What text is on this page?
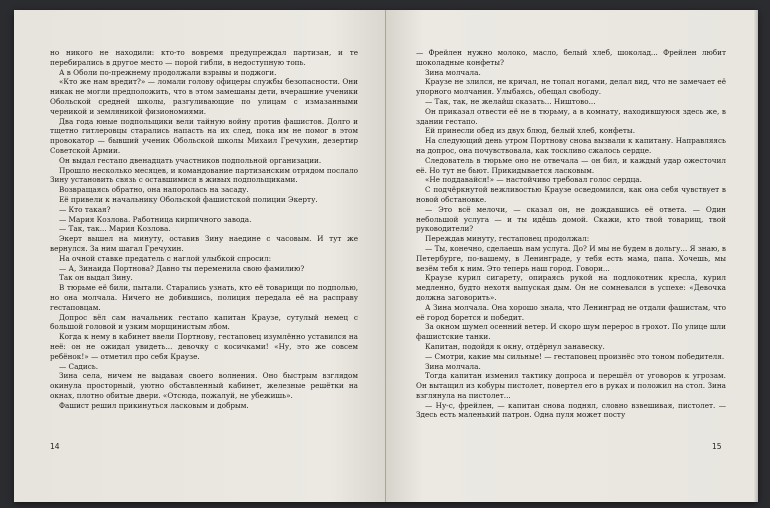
но никого не находили: кто-то вовремя предупреждал партизан, и те перебирались в другое место — порой гибли, в недоступную топь.

А в Оболи по-прежнему продолжали взрывы и поджоги.

«Кто же нам вредит?» — ломали голову офицеры службы безопасности. Они никак не могли предположить, что в этом замешаны дети, вчерашние ученики Обольской средней школы, разгуливающие по улицам с измазанными черникой и земляникой физиономиями.

Два года юные подпольщики вели тайную войну против фашистов. Долго и тщетно гитлеровцы старались напасть на их след, пока им не помог в этом провокатор — бывший ученик Обольской школы Михаил Гречухин, дезертир Советской Армии.

Он выдал гестапо двенадцать участников подпольной организации.

Прошло несколько месяцев, и командование партизанским отрядом послало Зину установить связь с оставшимися в живых подпольщиками.

Возвращаясь обратно, она напоролась на засаду.

Её привели к начальнику Обольской фашистской полиции Экерту.

— Кто такая?

— Мария Козлова. Работница кирпичного завода.

— Так, так... Мария Козлова.

Экерт вышел на минуту, оставив Зину наедине с часовым. И тут же вернулся. За ним шагал Гречухин.

На очной ставке предатель с наглой улыбкой спросил:

— А, Зинаида Портнова? Давно ты переменила свою фамилию?

Так он выдал Зину.

В тюрьме её били, пытали. Старались узнать, кто её товарищи по подполью, но она молчала. Ничего не добившись, полиция передала её на расправу гестаповцам.

Допрос вёл сам начальник гестапо капитан Краузе, сутулый немец с большой головой и узким морщинистым лбом.

Когда к нему в кабинет ввели Портнову, гестаповец изумлённо уставился на неё: он не ожидал увидеть... девочку с косичками! «Ну, это же совсем ребёнок!» — отметил про себя Краузе.

— Садись.

Зина села, ничем не выдавая своего волнения. Оно быстрым взглядом окинула просторный, уютно обставленный кабинет, железные решётки на окнах, плотно обитые двери. «Отсюда, пожалуй, не убежишь».

Фашист решил прикинуться ласковым и добрым.

14

— Фрейлен нужно молоко, масло, белый хлеб, шоколад... Фрейлен любит шоколадные конфеты?

Зина молчала.

Краузе не злился, не кричал, не топал ногами, делал вид, что не замечает её упорного молчания. Улыбаясь, обещал свободу.

— Так, так, не желайш сказать... Ништово...

Он приказал отвести её не в тюрьму, а в комнату, находившуюся здесь же, в здании гестапо.

Ей принесли обед из двух блюд, белый хлеб, конфеты.

На следующий день утром Портнову снова вызвали к капитану. Направляясь на допрос, она почувствовала, как тоскливо сжалось сердце.

Следователь в тюрьме оно не отвечала — он бил, и каждый удар ожесточил её. Но тут не бьют. Прикидывается ласковым.

«Не поддавайся!» — настойчиво требовал голос сердца.

С подчёркнутой вежливостью Краузе осведомился, как она себя чувствует в новой обстановке.

— Это всё мелочи, — сказал он, не дождавшись её ответа. — Один небольшой услуга — и ты идёшь домой. Скажи, кто твой товарищ, твой руководители?

Переждав минуту, гестаповец продолжал:

— Ты, конечно, сделаешь нам услуга. До? И мы не будем в дольгу... Я знаю, в Петербурге, по-вашему, в Ленинграде, у тебя есть мама, папа. Хочешь, мы везём тебя к ним. Это теперь наш город. Говори...

Краузе курил сигарету, опираясь рукой на подлокотник кресла, курил медленно, будто нехотя выпуская дым. Он не сомневался в успехе: «Девочка должна заговорить».

А Зина молчала. Она хорошо знала, что Ленинград не отдали фашистам, что её город борется и победит.

За окном шумел осенний ветер. И скоро шум перерос в грохот. По улице шли фашистские танки.

Капитан, подойдя к окну, отдёрнул занавеску.

— Смотри, какие мы сильные! — гестаповец произнёс это тоном победителя.

Зина молчала.

Тогда капитан изменил тактику допроса и перешёл от уговоров к угрозам. Он вытащил из кобуры пистолет, повертел его в руках и положил на стол. Зина взглянула на пистолет...

— Ну-с, фрейлен, — капитан снова поднял, словно взвешивая, пистолет. — Здесь есть маленький патрон. Одна пуля может посту

15
